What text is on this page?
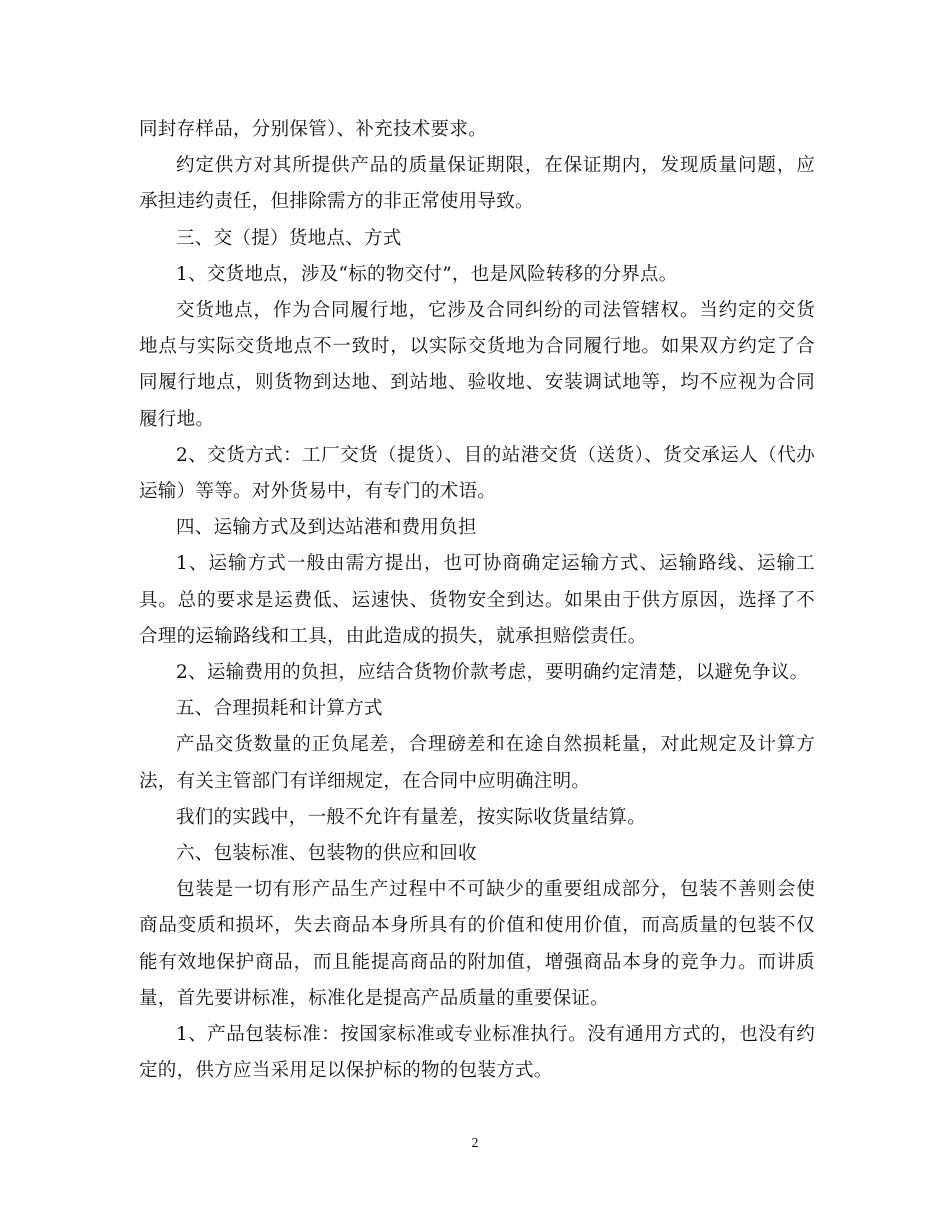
同封存样品，分别保管）、补充技术要求。

约定供方对其所提供产品的质量保证期限，在保证期内，发现质量问题，应承担违约责任，但排除需方的非正常使用导致。

三、交（提）货地点、方式

1、交货地点，涉及“标的物交付”，也是风险转移的分界点。

交货地点，作为合同履行地，它涉及合同纠纷的司法管辖权。当约定的交货地点与实际交货地点不一致时，以实际交货地为合同履行地。如果双方约定了合同履行地点，则货物到达地、到站地、验收地、安装调试地等，均不应视为合同履行地。

2、交货方式：工厂交货（提货）、目的站港交货（送货）、货交承运人（代办运输）等等。对外货易中，有专门的术语。

四、运输方式及到达站港和费用负担

1、运输方式一般由需方提出，也可协商确定运输方式、运输路线、运输工具。总的要求是运费低、运速快、货物安全到达。如果由于供方原因，选择了不合理的运输路线和工具，由此造成的损失，就承担赔偿责任。

2、运输费用的负担，应结合货物价款考虑，要明确约定清楚，以避免争议。

五、合理损耗和计算方式

产品交货数量的正负尾差，合理磅差和在途自然损耗量，对此规定及计算方法，有关主管部门有详细规定，在合同中应明确注明。

我们的实践中，一般不允许有量差，按实际收货量结算。

六、包装标准、包装物的供应和回收

包装是一切有形产品生产过程中不可缺少的重要组成部分，包装不善则会使商品变质和损坏，失去商品本身所具有的价值和使用价值，而高质量的包装不仅能有效地保护商品，而且能提高商品的附加值，增强商品本身的竞争力。而讲质量，首先要讲标准，标准化是提高产品质量的重要保证。

1、产品包装标准：按国家标准或专业标准执行。没有通用方式的，也没有约定的，供方应当采用足以保护标的物的包装方式。

2
